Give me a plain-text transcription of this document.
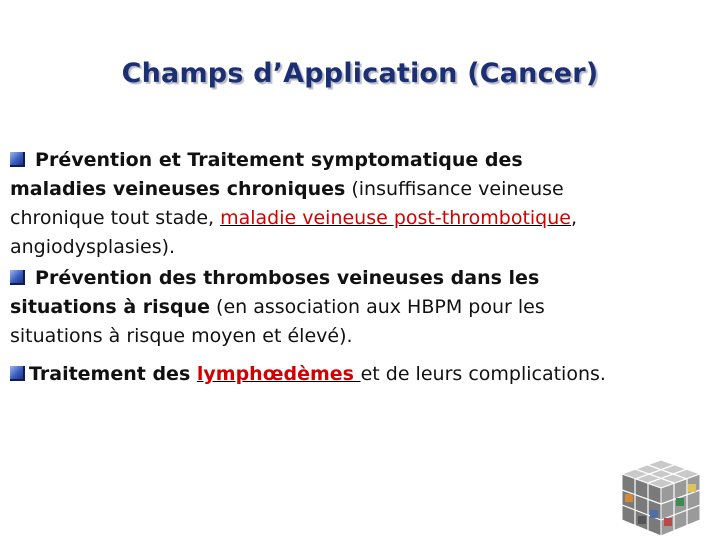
Champs d’Application (Cancer)
Prévention et Traitement symptomatique des
maladies veineuses chroniques (insuffisance veineuse
chronique tout stade, maladie veineuse post-thrombotique,
angiodysplasies).
Prévention des thromboses veineuses dans les
situations à risque (en association aux HBPM pour les
situations à risque moyen et élevé).
Traitement des lymphœdèmes et de leurs complications.
